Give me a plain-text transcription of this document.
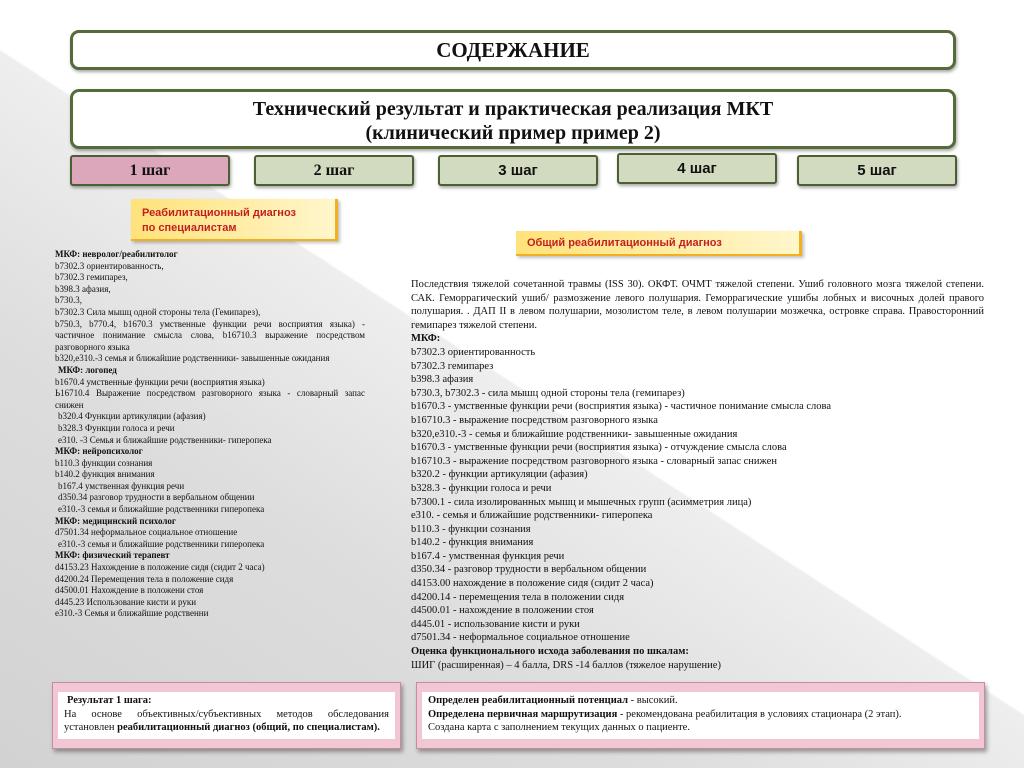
СОДЕРЖАНИЕ
Технический результат и практическая реализация МКТ
(клинический пример пример 2)
1 шаг	2 шаг	3 шаг	4 шаг	5 шаг
Реабилитационный диагноз
по специалистам
Общий реабилитационный диагноз
МКФ: невролог/реабилитолог
b7302.3 ориентированность,
b7302.3 гемипарез,
b398.3 афазия,
b730.3,
b7302.3 Сила мышц одной стороны тела (Гемипарез),
b750.3, b770.4, b1670.3 умственные функции речи восприятия языка) - частичное понимание смысла слова, b16710.3 выражение посредством разговорного языка
b320,e310.-3 семья и ближайшие родственники- завышенные ожидания
МКФ: логопед
b1670.4 умственные функции речи (восприятия языка)
Ь16710.4 Выражение посредством разговорного языка - словарный запас снижен
b320.4 Функции артикуляции (афазия)
b328.3 Функции голоса и речи
e310. -3 Семья и ближайшие родственники- гиперопека
МКФ: нейропсихолог
b110.3 функции сознания
b140.2 функция внимания
b167.4 умственная функция речи
d350.34 разговор трудности в вербальном общении
e310.-3 семья и ближайшие родственники гиперопека
МКФ: медицинский психолог
d7501.34 неформальное социальное отношение
e310.-3 семья и ближайшие родственники гиперопека
МКФ: физический терапевт
d4153.23 Нахождение в положение сидя (сидит 2 часа)
d4200.24 Перемещения тела в положение сидя
d4500.01 Нахождение в положени стоя
d445.23 Использование кисти и руки
e310.-3 Семья и ближайшие родственни
Последствия тяжелой сочетанной травмы (ISS 30). ОКФТ. ОЧМТ тяжелой степени. Ушиб головного мозга тяжелой степени. САК. Геморрагический ушиб/ размозжение левого полушария. Геморрагические ушибы лобных и височных долей правого полушария. . ДАП II в левом полушарии, мозолистом теле, в левом полушарии мозжечка, островке справа. Правосторонний гемипарез тяжелой степени.
МКФ:
b7302.3 ориентированность
b7302.3 гемипарез
b398.3 афазия
b730.3, b7302.3 - сила мышц одной стороны тела (гемипарез)
b1670.3 - умственные функции речи (восприятия языка) - частичное понимание смысла слова
b16710.3 - выражение посредством разговорного языка
b320,e310.-3 - семья и ближайшие родственники- завышенные ожидания
b1670.3 - умственные функции речи (восприятия языка) - отчуждение смысла слова
b16710.3 - выражение посредством разговорного языка - словарный запас снижен
b320.2 - функции артикуляции (афазия)
b328.3 - функции голоса и речи
b7300.1 - сила изолированных мышц и мышечных групп (асимметрия лица)
e310. - семья и ближайшие родственники- гиперопека
b110.3 - функции сознания
b140.2 - функция внимания
b167.4 - умственная функция речи
d350.34 - разговор трудности в вербальном общении
d4153.00 нахождение в положение сидя (сидит 2 часа)
d4200.14 - перемещения тела в положении сидя
d4500.01 - нахождение в положении стоя
d445.01 - использование кисти и руки
d7501.34 - неформальное социальное отношение
Оценка функционального исхода заболевания по шкалам:
ШИГ (расширенная) – 4 балла, DRS -14 баллов (тяжелое нарушение)
Результат 1 шага:
На основе объективных/субъективных методов обследования установлен реабилитационный диагноз (общий, по специалистам).
Определен реабилитационный потенциал - высокий.
Определена первичная маршрутизация - рекомендована реабилитация в условиях стационара (2 этап).
Создана карта с заполнением текущих данных о пациенте.
